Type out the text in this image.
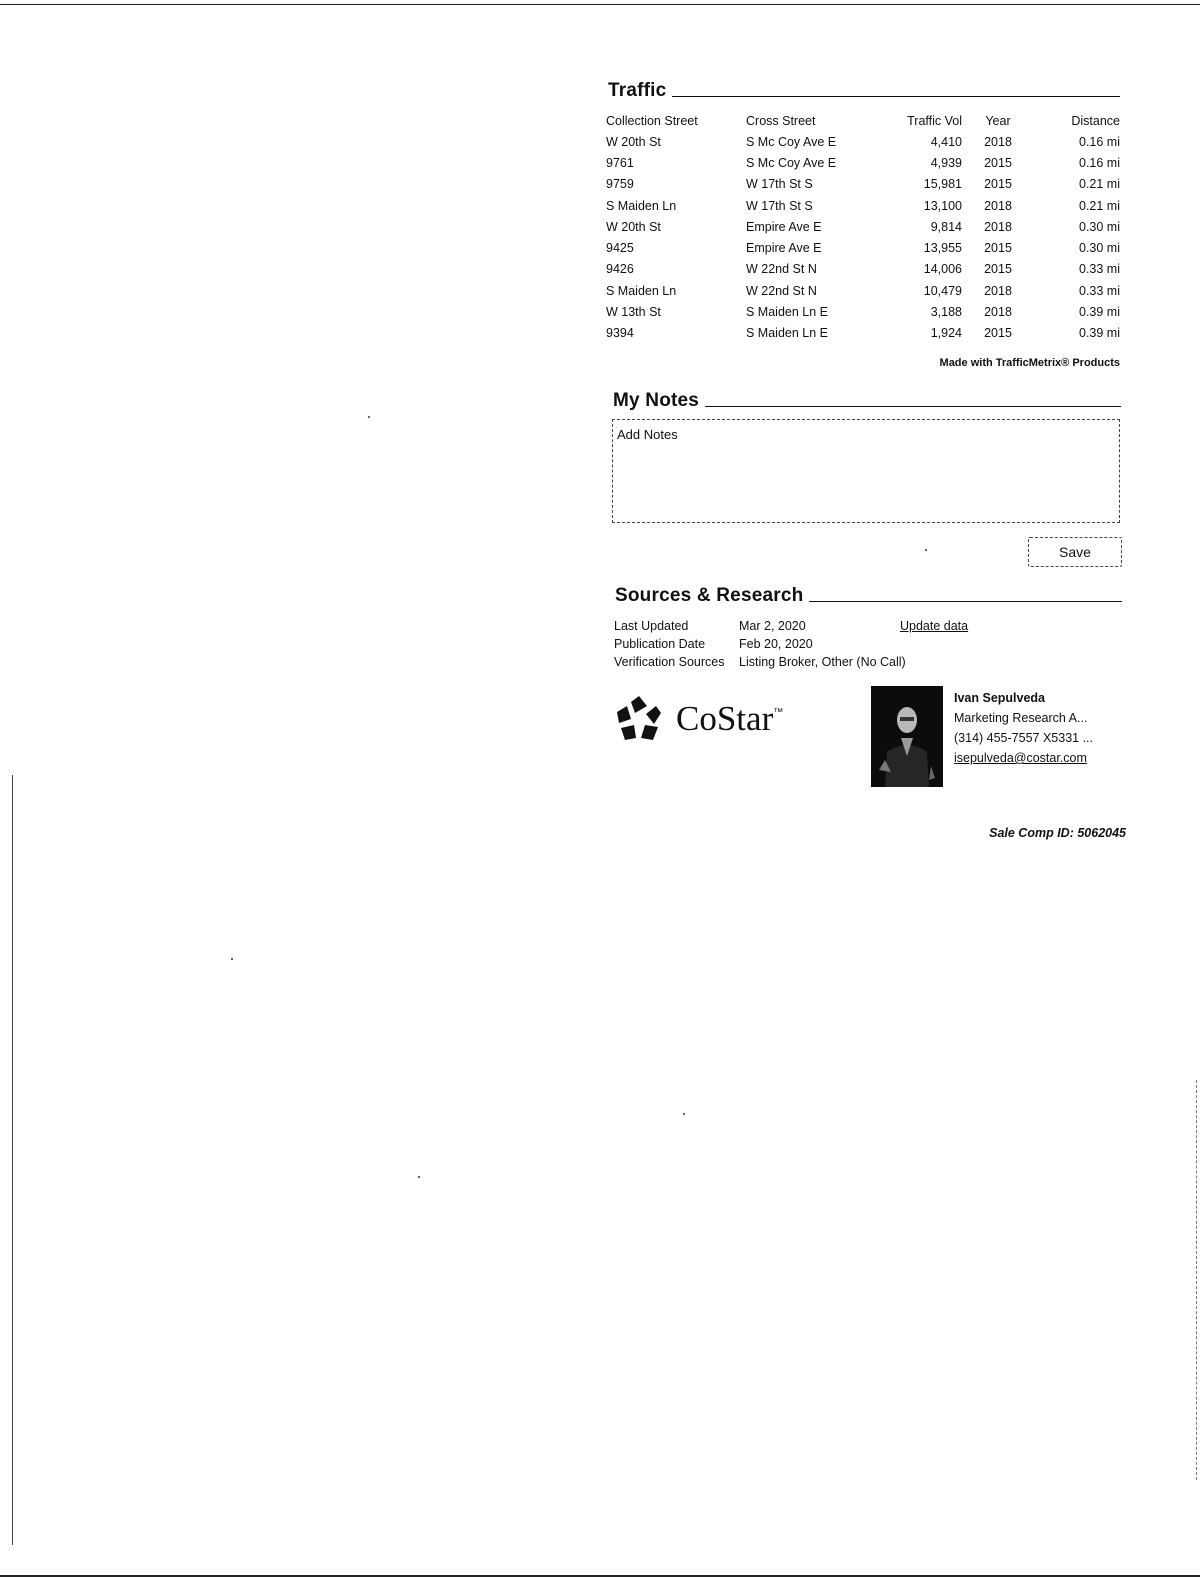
Traffic
Collection Street	Cross Street	Traffic Vol	Year	Distance
W 20th St	S Mc Coy Ave E	4,410	2018	0.16 mi
9761	S Mc Coy Ave E	4,939	2015	0.16 mi
9759	W 17th St S	15,981	2015	0.21 mi
S Maiden Ln	W 17th St S	13,100	2018	0.21 mi
W 20th St	Empire Ave E	9,814	2018	0.30 mi
9425	Empire Ave E	13,955	2015	0.30 mi
9426	W 22nd St N	14,006	2015	0.33 mi
S Maiden Ln	W 22nd St N	10,479	2018	0.33 mi
W 13th St	S Maiden Ln E	3,188	2018	0.39 mi
9394	S Maiden Ln E	1,924	2015	0.39 mi
Made with TrafficMetrix® Products
My Notes
Add Notes
Save
Sources & Research
Last Updated	Mar 2, 2020
Publication Date	Feb 20, 2020
Verification Sources Listing Broker, Other (No Call)
Update data
CoStar™
Ivan Sepulveda
Marketing Research A...
(314) 455-7557 X5331 ...
isepulveda@costar.com
Sale Comp ID: 5062045
